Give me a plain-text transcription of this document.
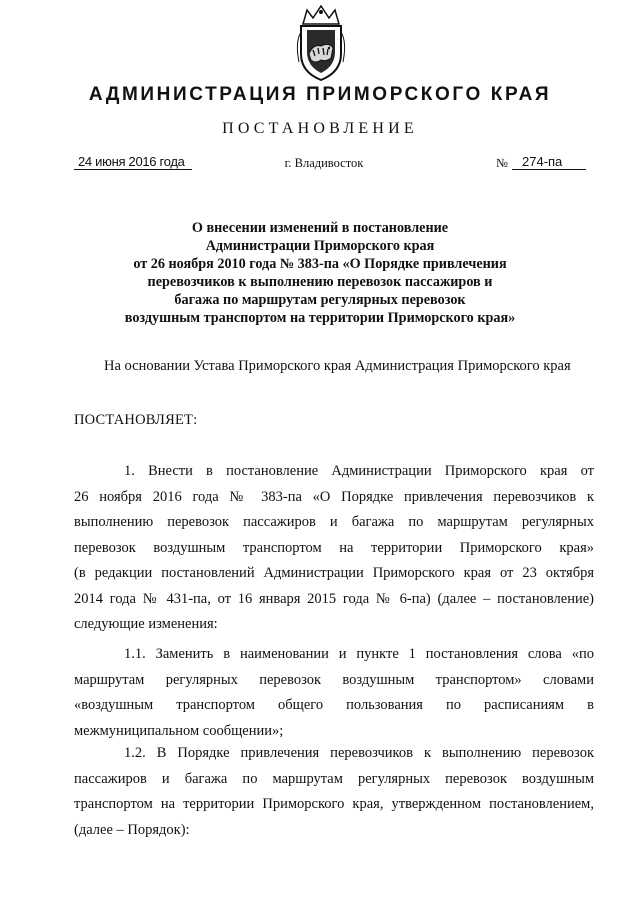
АДМИНИСТРАЦИЯ ПРИМОРСКОГО КРАЯ
ПОСТАНОВЛЕНИЕ
24 июня 2016 года	г. Владивосток	№	274-па
О внесении изменений в постановление
Администрации Приморского края
от 26 ноября 2010 года № 383-па «О Порядке привлечения
перевозчиков к выполнению перевозок пассажиров и
багажа по маршрутам регулярных перевозок
воздушным транспортом на территории Приморского края»
На основании Устава Приморского края Администрация Приморского края
ПОСТАНОВЛЯЕТ:
1. Внести в постановление Администрации Приморского края от
26 ноября 2016 года № 383-па «О Порядке привлечения перевозчиков к
выполнению перевозок пассажиров и багажа по маршрутам регулярных
перевозок воздушным транспортом на территории Приморского края»
(в редакции постановлений Администрации Приморского края от 23 октября
2014 года № 431-па, от 16 января 2015 года № 6-па) (далее – постановление)
следующие изменения:
1.1. Заменить в наименовании и пункте 1 постановления слова «по
маршрутам регулярных перевозок воздушным транспортом» словами
«воздушным транспортом общего пользования по расписаниям в
межмуниципальном сообщении»;
1.2. В Порядке привлечения перевозчиков к выполнению перевозок
пассажиров и багажа по маршрутам регулярных перевозок воздушным
транспортом на территории Приморского края, утвержденном постановлением,
(далее – Порядок):
